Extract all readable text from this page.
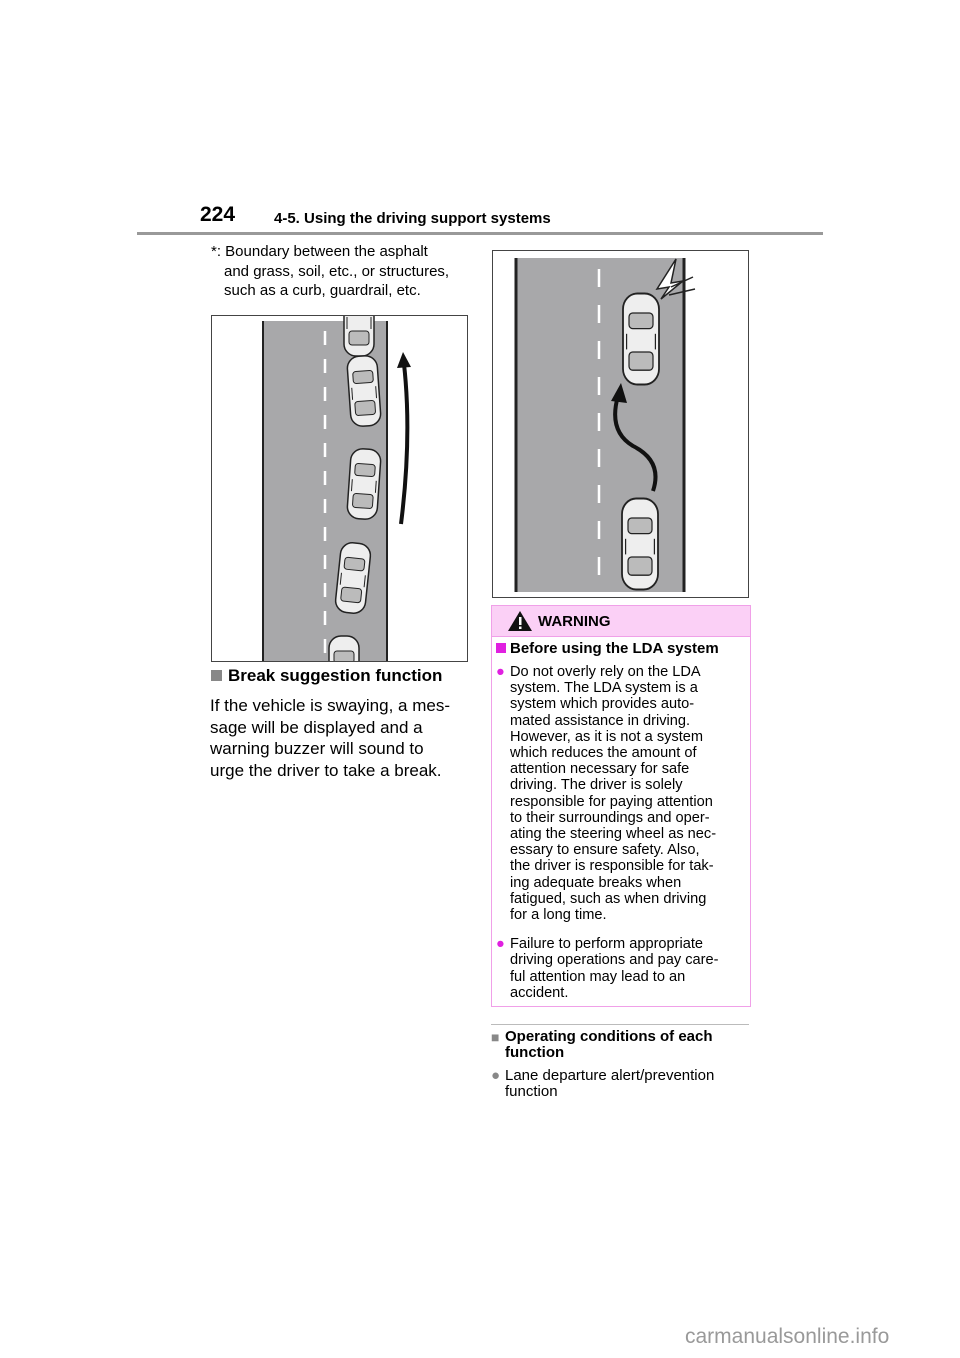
224	4-5. Using the driving support systems
*: Boundary between the asphalt
and grass, soil, etc., or structures,
such as a curb, guardrail, etc.
Break suggestion function
If the vehicle is swaying, a mes-
sage will be displayed and a
warning buzzer will sound to
urge the driver to take a break.
WARNING
Before using the LDA system
● Do not overly rely on the LDA
system. The LDA system is a
system which provides auto-
mated assistance in driving.
However, as it is not a system
which reduces the amount of
attention necessary for safe
driving. The driver is solely
responsible for paying attention
to their surroundings and oper-
ating the steering wheel as nec-
essary to ensure safety. Also,
the driver is responsible for tak-
ing adequate breaks when
fatigued, such as when driving
for a long time.
● Failure to perform appropriate
driving operations and pay care-
ful attention may lead to an
accident.
■ Operating conditions of each
function
● Lane departure alert/prevention
function
carmanualsonline.info
